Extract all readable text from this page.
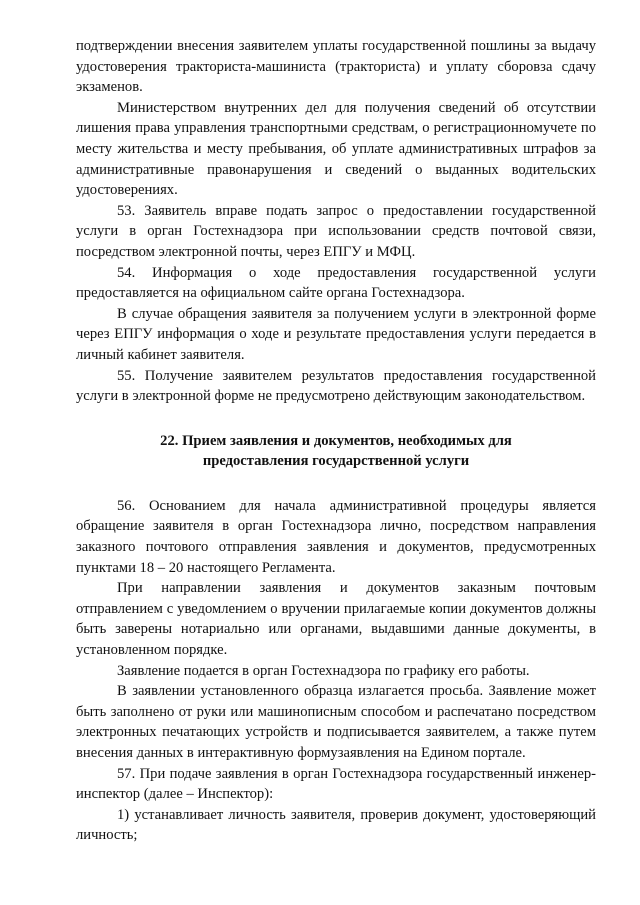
подтверждении внесения заявителем уплаты государственной пошлины за выдачу удостоверения тракториста-машиниста (тракториста) и уплату сборовза сдачу экзаменов.

Министерством внутренних дел для получения сведений об отсутствии лишения права управления транспортными средствам, о регистрационномучете по месту жительства и месту пребывания, об уплате административных штрафов за административные правонарушения и сведений о выданных водительских удостоверениях.

53. Заявитель вправе подать запрос о предоставлении государственной услуги в орган Гостехнадзора при использовании средств почтовой связи, посредством электронной почты, через ЕПГУ и МФЦ.

54. Информация о ходе предоставления государственной услуги предоставляется на официальном сайте органа Гостехнадзора.

В случае обращения заявителя за получением услуги в электронной форме через ЕПГУ информация о ходе и результате предоставления услуги передается в личный кабинет заявителя.

55. Получение заявителем результатов предоставления государственной услуги в электронной форме не предусмотрено действующим законодательством.

22. Прием заявления и документов, необходимых для

предоставления государственной услуги

56. Основанием для начала административной процедуры является обращение заявителя в орган Гостехнадзора лично, посредством направления заказного почтового отправления заявления и документов, предусмотренных пунктами 18 – 20 настоящего Регламента.

При направлении заявления и документов заказным почтовым отправлением с уведомлением о вручении прилагаемые копии документов должны быть заверены нотариально или органами, выдавшими данные документы, в установленном порядке.

Заявление подается в орган Гостехнадзора по графику его работы.

В заявлении установленного образца излагается просьба. Заявление может быть заполнено от руки или машинописным способом и распечатано посредством электронных печатающих устройств и подписывается заявителем, а также путем внесения данных в интерактивную формузаявления на Едином портале.

57. При подаче заявления в орган Гостехнадзора государственный инженер-инспектор (далее – Инспектор):

1) устанавливает личность заявителя, проверив документ, удостоверяющий личность;
